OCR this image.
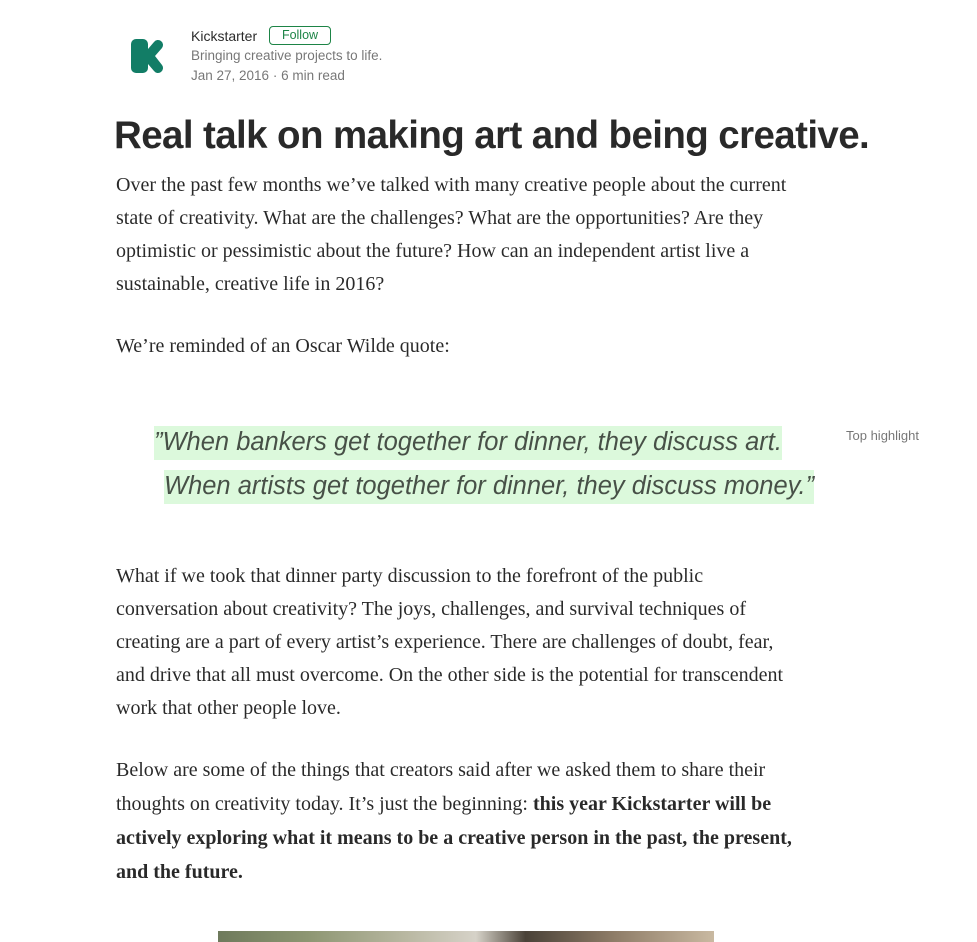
Kickstarter	Follow
Bringing creative projects to life.
Jan 27, 2016 · 6 min read
Real talk on making art and being creative.

Over the past few months we’ve talked with many creative people about the current state of creativity. What are the challenges? What are the opportunities? Are they optimistic or pessimistic about the future? How can an independent artist live a sustainable, creative life in 2016?

We’re reminded of an Oscar Wilde quote:

”When bankers get together for dinner, they discuss art.
When artists get together for dinner, they discuss money.”
Top highlight

What if we took that dinner party discussion to the forefront of the public conversation about creativity? The joys, challenges, and survival techniques of creating are a part of every artist’s experience. There are challenges of doubt, fear, and drive that all must overcome. On the other side is the potential for transcendent work that other people love.

Below are some of the things that creators said after we asked them to share their thoughts on creativity today. It’s just the beginning: this year Kickstarter will be actively exploring what it means to be a creative person in the past, the present, and the future.
